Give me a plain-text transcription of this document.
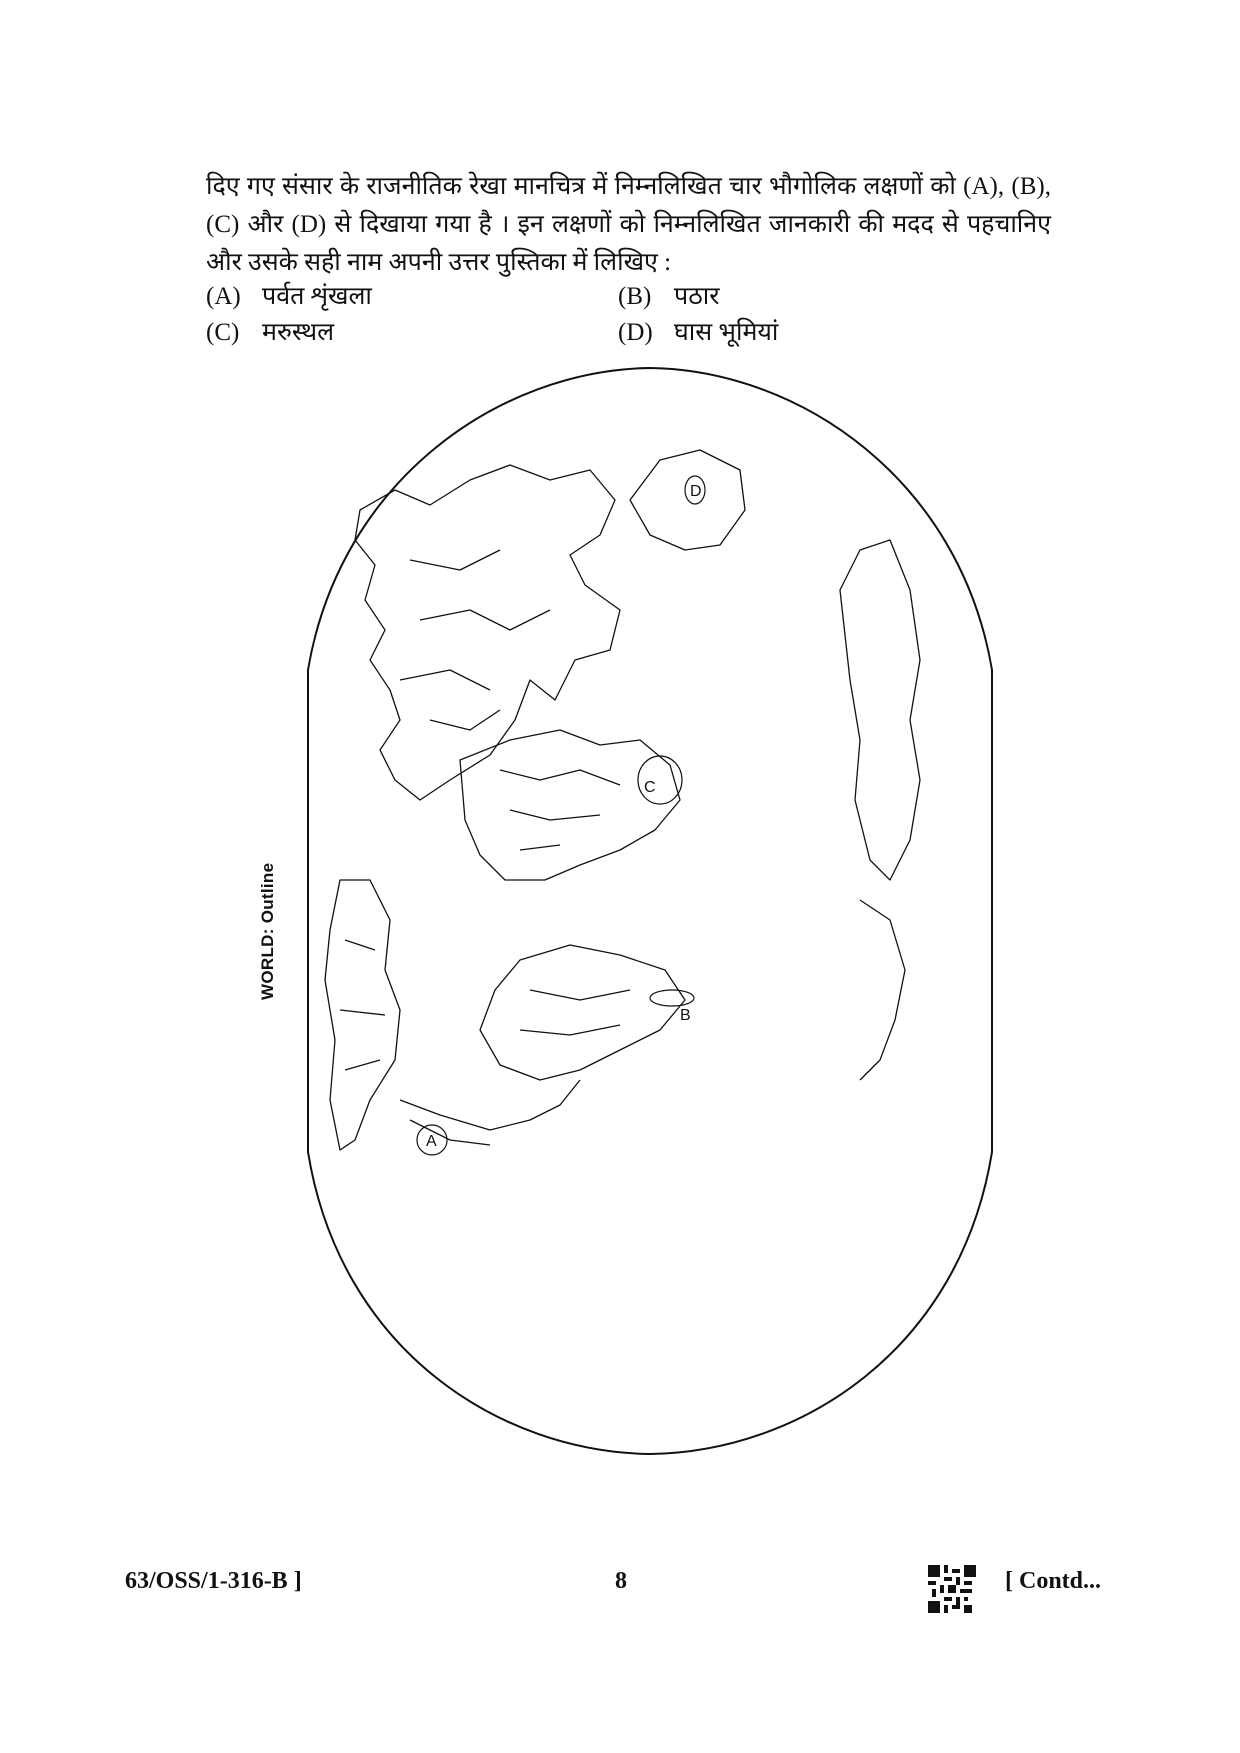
दिए गए संसार के राजनीतिक रेखा मानचित्र में निम्नलिखित चार भौगोलिक लक्षणों को (A), (B), (C) और (D) से दिखाया गया है । इन लक्षणों को निम्नलिखित जानकारी की मदद से पहचानिए और उसके सही नाम अपनी उत्तर पुस्तिका में लिखिए :

(A) पर्वत शृंखला	(B) पठार
(C) मरुस्थल	(D) घास भूमियां
C
B
A
D
WORLD: Outline
63/OSS/1-316-B ]	8	[ Contd...
